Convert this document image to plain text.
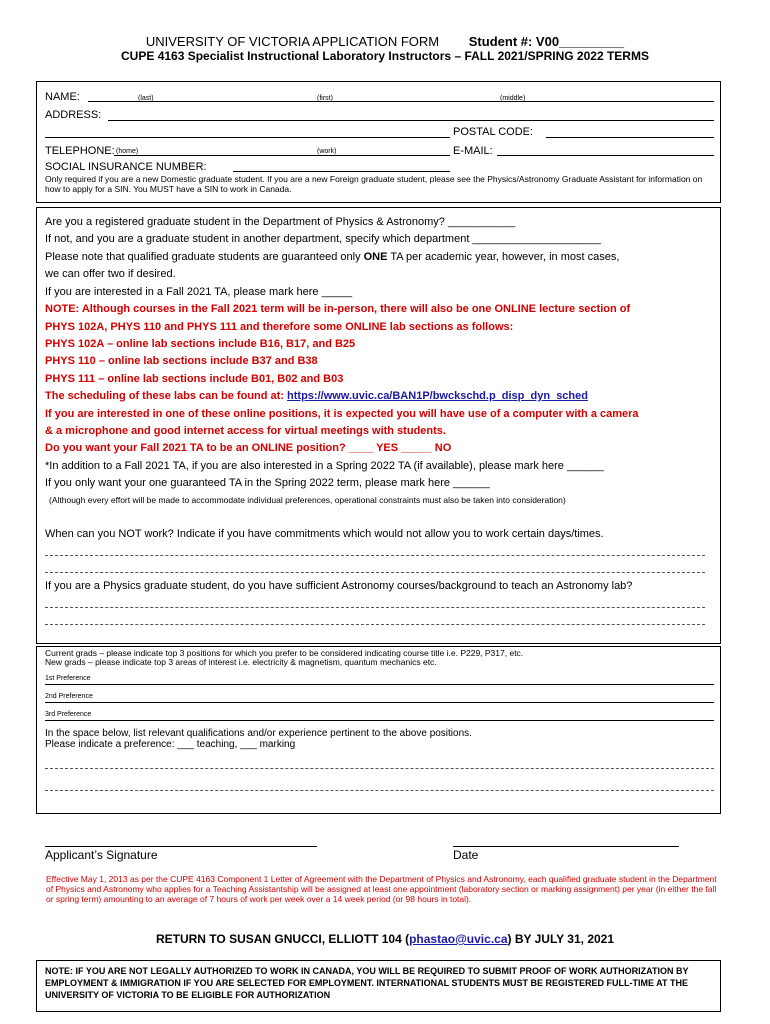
UNIVERSITY OF VICTORIA APPLICATION FORM Student #: V00_________
CUPE 4163 Specialist Instructional Laboratory Instructors – FALL 2021/SPRING 2022 TERMS
NAME:	(last)	(first)	(middle)
ADDRESS:
POSTAL CODE:
TELEPHONE: (home)	(work)	E-MAIL:
SOCIAL INSURANCE NUMBER:
Only required if you are a new Domestic graduate student. If you are a new Foreign graduate student, please see the Physics/Astronomy Graduate Assistant for information on how to apply for a SIN. You MUST have a SIN to work in Canada.
Are you a registered graduate student in the Department of Physics & Astronomy? ___________
If not, and you are a graduate student in another department, specify which department _____________________
Please note that qualified graduate students are guaranteed only ONE TA per academic year, however, in most cases,
we can offer two if desired.
If you are interested in a Fall 2021 TA, please mark here _____
NOTE: Although courses in the Fall 2021 term will be in-person, there will also be one ONLINE lecture section of
PHYS 102A, PHYS 110 and PHYS 111 and therefore some ONLINE lab sections as follows:
PHYS 102A – online lab sections include B16, B17, and B25
PHYS 110 – online lab sections include B37 and B38
PHYS 111 – online lab sections include B01, B02 and B03
The scheduling of these labs can be found at: https://www.uvic.ca/BAN1P/bwckschd.p_disp_dyn_sched
If you are interested in one of these online positions, it is expected you will have use of a computer with a camera
& a microphone and good internet access for virtual meetings with students.
Do you want your Fall 2021 TA to be an ONLINE position? ____ YES _____ NO
*In addition to a Fall 2021 TA, if you are also interested in a Spring 2022 TA (if available), please mark here ______
If you only want your one guaranteed TA in the Spring 2022 term, please mark here ______
(Although every effort will be made to accommodate individual preferences, operational constraints must also be taken into consideration)
When can you NOT work? Indicate if you have commitments which would not allow you to work certain days/times.
If you are a Physics graduate student, do you have sufficient Astronomy courses/background to teach an Astronomy lab?
Current grads – please indicate top 3 positions for which you prefer to be considered indicating course title i.e. P229, P317, etc.
New grads – please indicate top 3 areas of interest i.e. electricity & magnetism, quantum mechanics etc.
1st Preference
2nd Preference
3rd Preference
In the space below, list relevant qualifications and/or experience pertinent to the above positions.
Please indicate a preference: ___ teaching, ___ marking
Applicant’s Signature	Date
Effective May 1, 2013 as per the CUPE 4163 Component 1 Letter of Agreement with the Department of Physics and Astronomy, each qualified graduate student in the Department of Physics and Astronomy who applies for a Teaching Assistantship will be assigned at least one appointment (laboratory section or marking assignment) per year (in either the fall or spring term) amounting to an average of 7 hours of work per week over a 14 week period (or 98 hours in total).
RETURN TO SUSAN GNUCCI, ELLIOTT 104 (phastao@uvic.ca) BY JULY 31, 2021
NOTE: IF YOU ARE NOT LEGALLY AUTHORIZED TO WORK IN CANADA, YOU WILL BE REQUIRED TO SUBMIT PROOF OF WORK AUTHORIZATION BY EMPLOYMENT & IMMIGRATION IF YOU ARE SELECTED FOR EMPLOYMENT. INTERNATIONAL STUDENTS MUST BE REGISTERED FULL-TIME AT THE UNIVERSITY OF VICTORIA TO BE ELIGIBLE FOR AUTHORIZATION
